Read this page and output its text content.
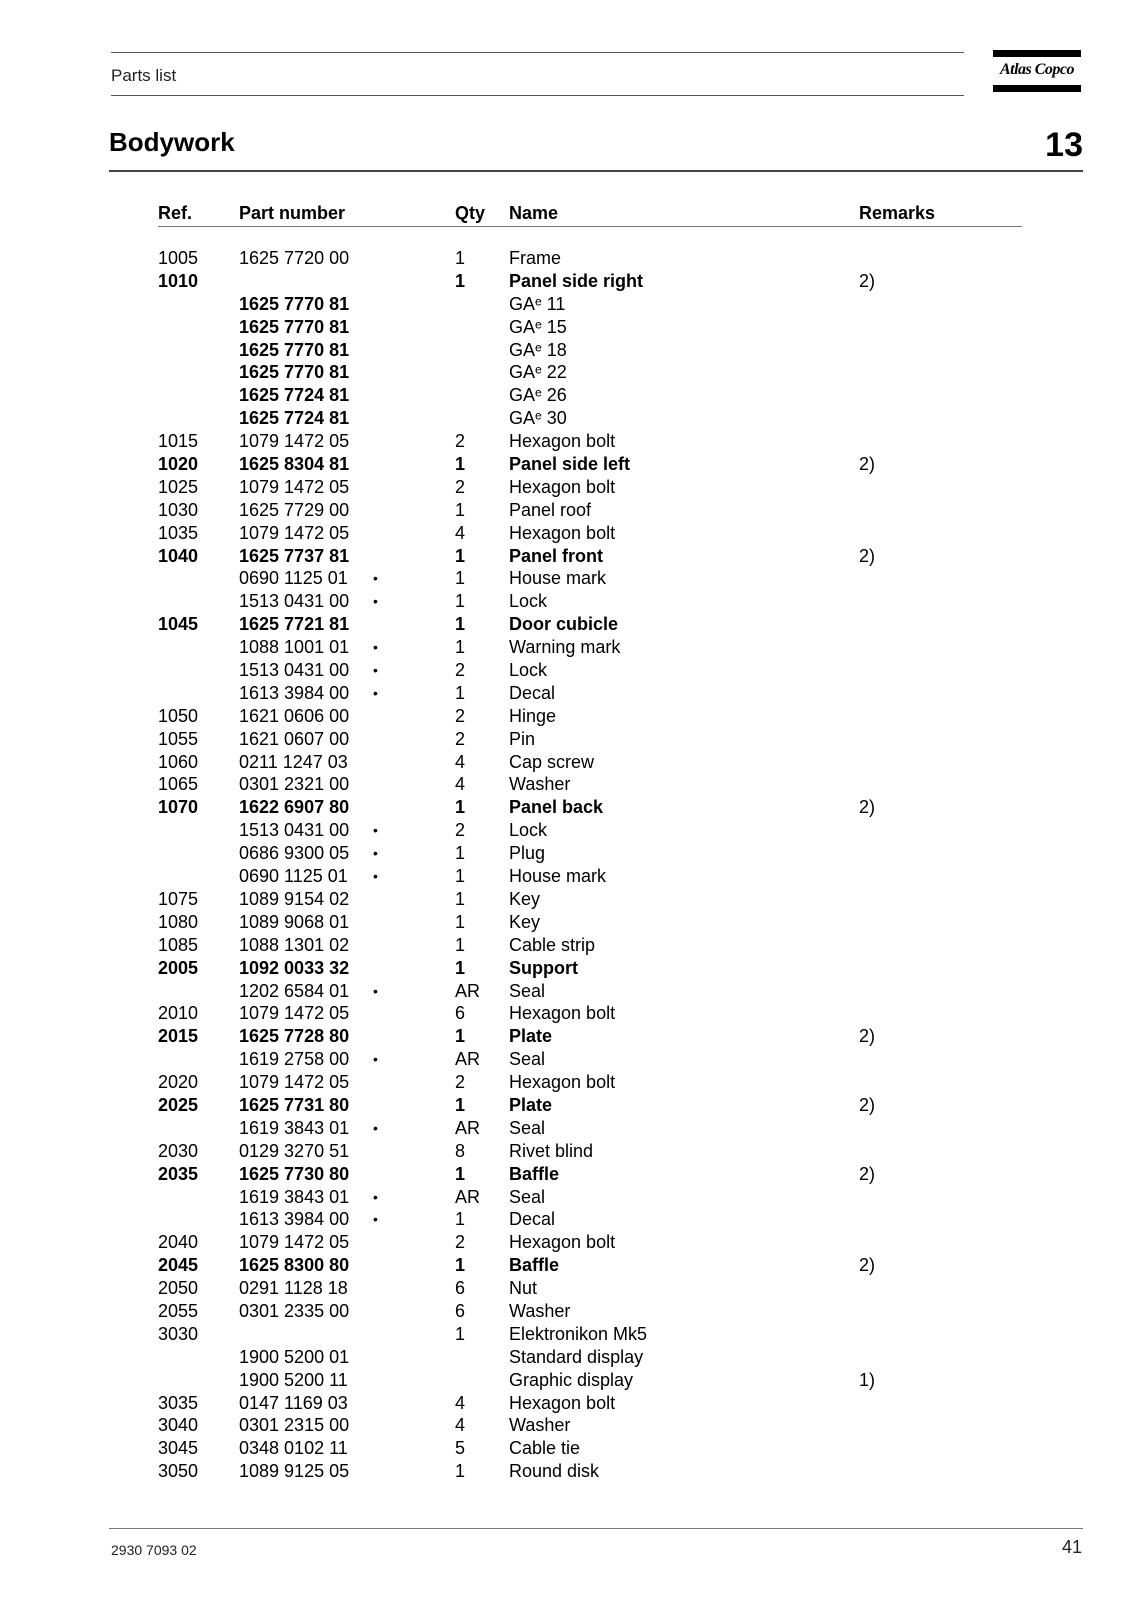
Parts list	Atlas Copco
Bodywork	13
Ref.	Part number	Qty Name	Remarks
1005 1625 7720 00	1 Frame
1010	1 Panel side right	2)
1625 7770 81	GAᵉ 11
1625 7770 81	GAᵉ 15
1625 7770 81	GAᵉ 18
1625 7770 81	GAᵉ 22
1625 7724 81	GAᵉ 26
1625 7724 81	GAᵉ 30
1015 1079 1472 05	2 Hexagon bolt
1020 1625 8304 81	1 Panel side left	2)
1025 1079 1472 05	2 Hexagon bolt
1030 1625 7729 00	1 Panel roof
1035 1079 1472 05	4 Hexagon bolt
1040 1625 7737 81	1 Panel front	2)
0690 1125 01 •	1 House mark
1513 0431 00 •	1 Lock
1045 1625 7721 81	1 Door cubicle
1088 1001 01 •	1 Warning mark
1513 0431 00 •	2 Lock
1613 3984 00 •	1 Decal
1050 1621 0606 00	2 Hinge
1055 1621 0607 00	2 Pin
1060 0211 1247 03	4 Cap screw
1065 0301 2321 00	4 Washer
1070 1622 6907 80	1 Panel back	2)
1513 0431 00 •	2 Lock
0686 9300 05 •	1 Plug
0690 1125 01 •	1 House mark
1075 1089 9154 02	1 Key
1080 1089 9068 01	1 Key
1085 1088 1301 02	1 Cable strip
2005 1092 0033 32	1 Support
1202 6584 01 •	AR Seal
2010 1079 1472 05	6 Hexagon bolt
2015 1625 7728 80	1 Plate	2)
1619 2758 00 •	AR Seal
2020 1079 1472 05	2 Hexagon bolt
2025 1625 7731 80	1 Plate	2)
1619 3843 01 •	AR Seal
2030 0129 3270 51	8 Rivet blind
2035 1625 7730 80	1 Baffle	2)
1619 3843 01 •	AR Seal
1613 3984 00 •	1 Decal
2040 1079 1472 05	2 Hexagon bolt
2045 1625 8300 80	1 Baffle	2)
2050 0291 1128 18	6 Nut
2055 0301 2335 00	6 Washer
3030	1 Elektronikon Mk5
1900 5200 01	Standard display
1900 5200 11	Graphic display	1)
3035 0147 1169 03	4 Hexagon bolt
3040 0301 2315 00	4 Washer
3045 0348 0102 11	5 Cable tie
3050 1089 9125 05	1 Round disk
2930 7093 02	41
